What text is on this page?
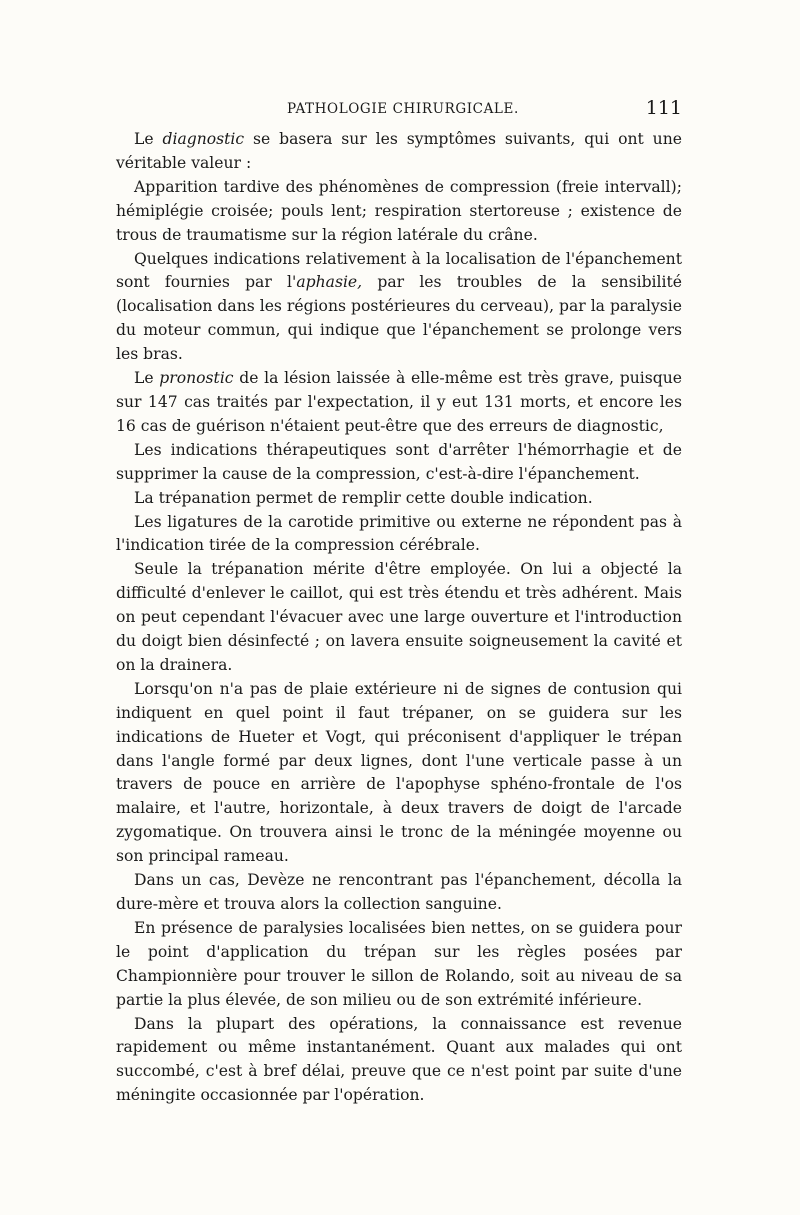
PATHOLOGIE CHIRURGICALE.	111

Le diagnostic se basera sur les symptômes suivants, qui ont une véritable valeur :

Apparition tardive des phénomènes de compression (freie intervall); hémiplégie croisée; pouls lent; respiration stertoreuse ; existence de trous de traumatisme sur la région latérale du crâne.

Quelques indications relativement à la localisation de l'épanchement sont fournies par l'aphasie, par les troubles de la sensibilité (localisation dans les régions postérieures du cerveau), par la paralysie du moteur commun, qui indique que l'épanchement se prolonge vers les bras.

Le pronostic de la lésion laissée à elle-même est très grave, puisque sur 147 cas traités par l'expectation, il y eut 131 morts, et encore les 16 cas de guérison n'étaient peut-être que des erreurs de diagnostic,

Les indications thérapeutiques sont d'arrêter l'hémorrhagie et de supprimer la cause de la compression, c'est-à-dire l'épanchement.

La trépanation permet de remplir cette double indication.

Les ligatures de la carotide primitive ou externe ne répondent pas à l'indication tirée de la compression cérébrale.

Seule la trépanation mérite d'être employée. On lui a objecté la difficulté d'enlever le caillot, qui est très étendu et très adhérent. Mais on peut cependant l'évacuer avec une large ouverture et l'introduction du doigt bien désinfecté ; on lavera ensuite soigneusement la cavité et on la drainera.

Lorsqu'on n'a pas de plaie extérieure ni de signes de contusion qui indiquent en quel point il faut trépaner, on se guidera sur les indications de Hueter et Vogt, qui préconisent d'appliquer le trépan dans l'angle formé par deux lignes, dont l'une verticale passe à un travers de pouce en arrière de l'apophyse sphéno-frontale de l'os malaire, et l'autre, horizontale, à deux travers de doigt de l'arcade zygomatique. On trouvera ainsi le tronc de la méningée moyenne ou son principal rameau.

Dans un cas, Devèze ne rencontrant pas l'épanchement, décolla la dure-mère et trouva alors la collection sanguine.

En présence de paralysies localisées bien nettes, on se guidera pour le point d'application du trépan sur les règles posées par Championnière pour trouver le sillon de Rolando, soit au niveau de sa partie la plus élevée, de son milieu ou de son extrémité inférieure.

Dans la plupart des opérations, la connaissance est revenue rapidement ou même instantanément. Quant aux malades qui ont succombé, c'est à bref délai, preuve que ce n'est point par suite d'une méningite occasionnée par l'opération.
